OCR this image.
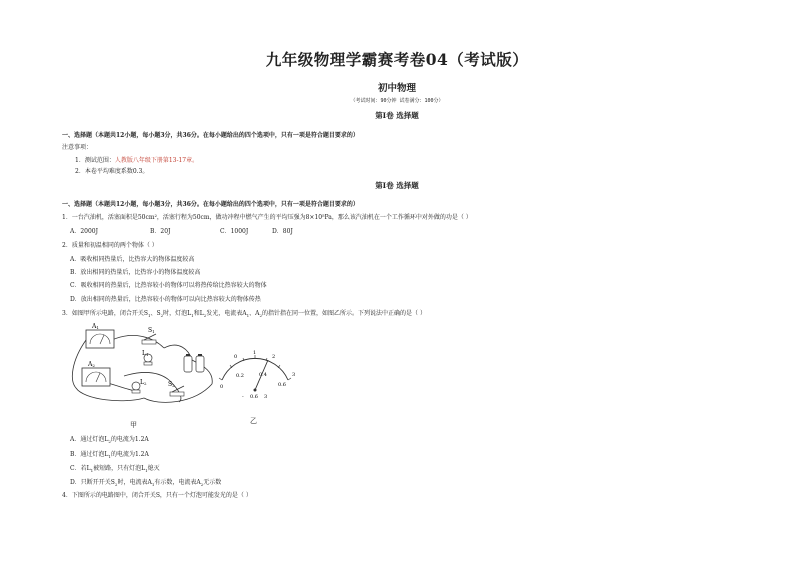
九年级物理学霸赛考卷04（考试版）
初中物理
（考试时间：90分钟 试卷满分：100分）
第Ⅰ卷 选择题
一、选择题（本题共12小题，每小题3分，共36分。在每小题给出的四个选项中，只有一项是符合题目要求的）
注意事项：
1．测试范围：人教版八年级下册第13-17章。
2．本卷平均难度系数0.3。
第Ⅰ卷 选择题
一、选择题（本题共12小题，每小题3分，共36分。在每小题给出的四个选项中，只有一项是符合题目要求的）
1．一台汽油机，活塞面积是50cm²，活塞行程为50cm，做功冲程中燃气产生的平均压强为8×10⁵Pa，那么该汽油机在一个工作循环中对外做的功是（ ）
A．2000J	B．20J	C．1000J	D．80J
2．质量和初温相同的两个物体（ ）
A．吸收相同热量后，比热容大的物体温度较高
B．放出相同的热量后，比热容小的物体温度较高
C．吸收相同的热量后，比热容较小的物体可以将热传给比热容较大的物体
D．放出相同的热量后，比热容较小的物体可以向比热容较大的物体传热
3．如图甲所示电路，闭合开关$S_1$、$S_2$时，灯泡$L_1$和$L_2$发光，电流表$A_1$、$A_2$的指针指在同一位置，如图乙所示。下列说法中正确的是（ ）
A1
A2
S1
L1
L2	S2
甲
0
1
2
3
0
0.2	0.4
0.6
- 0.6 3
乙
A．通过灯泡$L_2$的电流为1.2A
B．通过灯泡$L_1$的电流为1.2A
C．若$L_1$被短路，只有灯泡$L_1$熄灭
D．只断开开关$S_2$时，电流表$A_1$有示数，电流表$A_2$无示数
4．下图所示的电路图中，闭合开关S，只有一个灯泡可能发光的是（ ）
